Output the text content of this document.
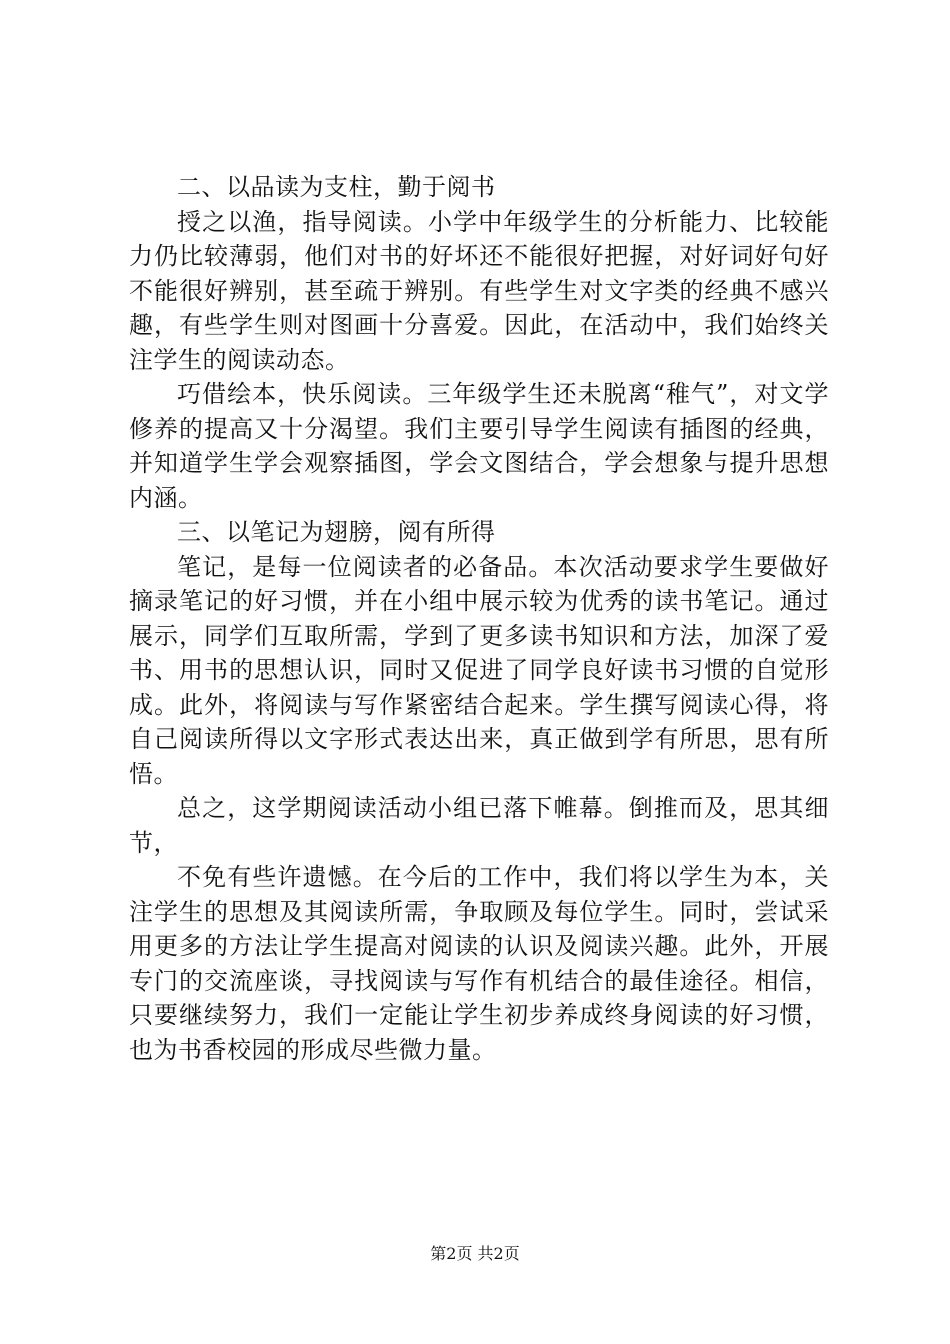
二、以品读为支柱，勤于阅书

授之以渔，指导阅读。小学中年级学生的分析能力、比较能力仍比较薄弱，他们对书的好坏还不能很好把握，对好词好句好不能很好辨别，甚至疏于辨别。有些学生对文字类的经典不感兴趣，有些学生则对图画十分喜爱。因此，在活动中，我们始终关注学生的阅读动态。

巧借绘本，快乐阅读。三年级学生还未脱离“稚气”，对文学修养的提高又十分渴望。我们主要引导学生阅读有插图的经典，并知道学生学会观察插图，学会文图结合，学会想象与提升思想内涵。

三、以笔记为翅膀，阅有所得

笔记，是每一位阅读者的必备品。本次活动要求学生要做好摘录笔记的好习惯，并在小组中展示较为优秀的读书笔记。通过展示，同学们互取所需，学到了更多读书知识和方法，加深了爱书、用书的思想认识，同时又促进了同学良好读书习惯的自觉形成。此外，将阅读与写作紧密结合起来。学生撰写阅读心得，将自己阅读所得以文字形式表达出来，真正做到学有所思，思有所悟。

总之，这学期阅读活动小组已落下帷幕。倒推而及，思其细节，

不免有些许遗憾。在今后的工作中，我们将以学生为本，关注学生的思想及其阅读所需，争取顾及每位学生。同时，尝试采用更多的方法让学生提高对阅读的认识及阅读兴趣。此外，开展专门的交流座谈，寻找阅读与写作有机结合的最佳途径。相信，只要继续努力，我们一定能让学生初步养成终身阅读的好习惯，也为书香校园的形成尽些微力量。

第2页 共2页
